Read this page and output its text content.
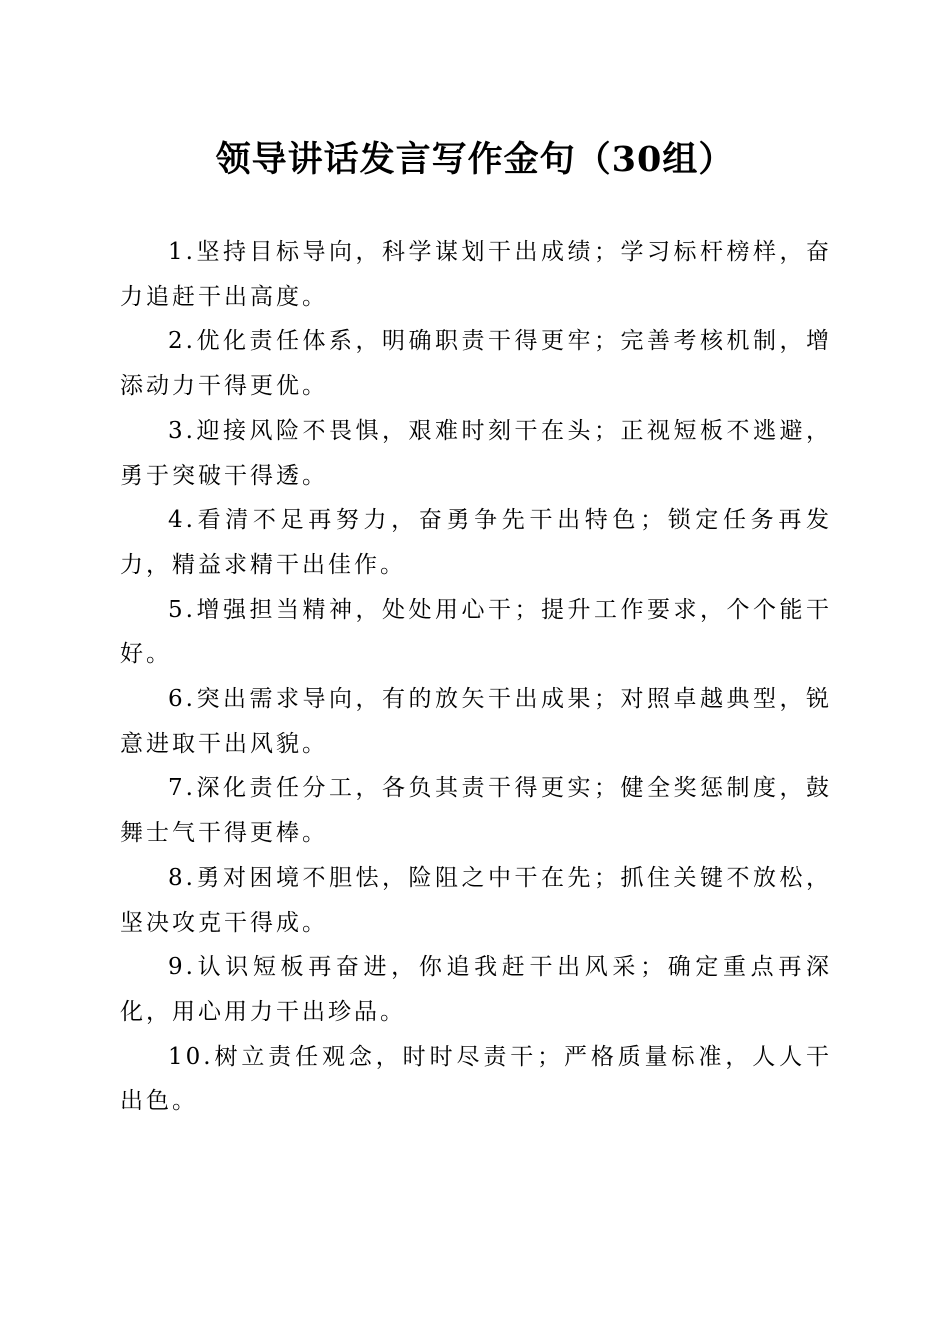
领导讲话发言写作金句（30组）

1.坚持目标导向，科学谋划干出成绩；学习标杆榜样，奋力追赶干出高度。

2.优化责任体系，明确职责干得更牢；完善考核机制，增添动力干得更优。

3.迎接风险不畏惧，艰难时刻干在头；正视短板不逃避，勇于突破干得透。

4.看清不足再努力，奋勇争先干出特色；锁定任务再发力，精益求精干出佳作。

5.增强担当精神，处处用心干；提升工作要求，个个能干好。

6.突出需求导向，有的放矢干出成果；对照卓越典型，锐意进取干出风貌。

7.深化责任分工，各负其责干得更实；健全奖惩制度，鼓舞士气干得更棒。

8.勇对困境不胆怯，险阻之中干在先；抓住关键不放松，坚决攻克干得成。

9.认识短板再奋进，你追我赶干出风采；确定重点再深化，用心用力干出珍品。

10.树立责任观念，时时尽责干；严格质量标准，人人干出色。
